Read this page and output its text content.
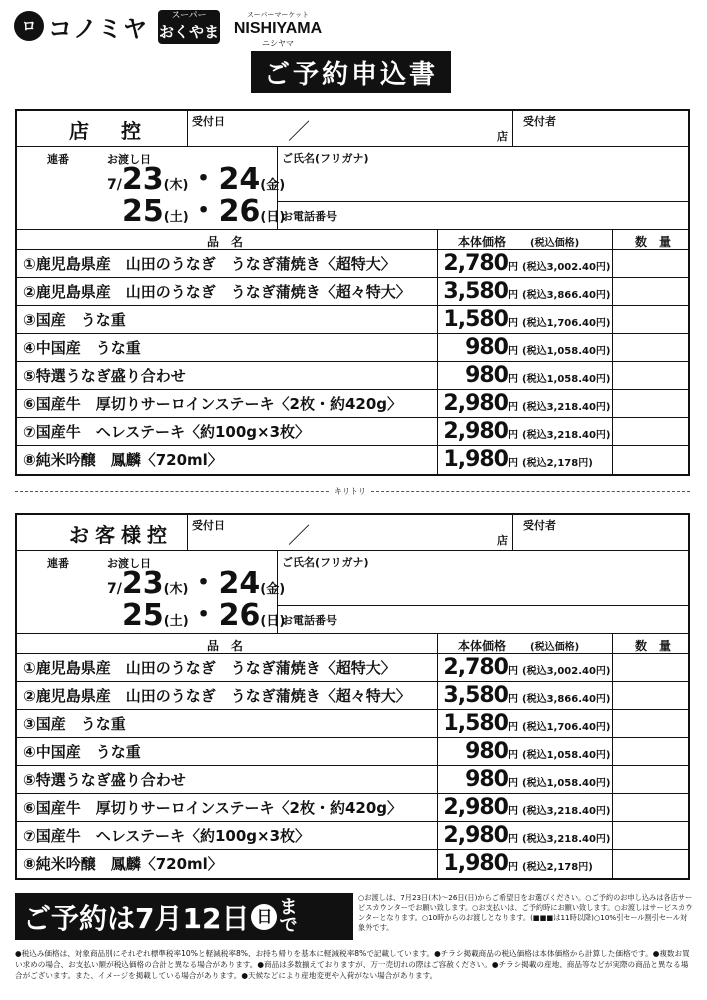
ロ コノミヤ	スーパー
おくやま
スーパーマーケット
NISHIYAMA
ニシヤマ
ご予約申込書
店　控	受付日	／	店
受付者
連番	お渡し日
7/23(木)・24(金)
25(土)・26(日)
ご氏名(フリガナ)
お電話番号
品　名	本体価格 (税込価格)	数　量
①鹿児島県産　山田のうなぎ　うなぎ蒲焼き〈超特大〉 2,780円 (税込3,002.40円)
②鹿児島県産　山田のうなぎ　うなぎ蒲焼き〈超々特大〉 3,580円 (税込3,866.40円)
③国産　うな重	1,580円 (税込1,706.40円)
④中国産　うな重	980円 (税込1,058.40円)
⑤特選うなぎ盛り合わせ	980円 (税込1,058.40円)
⑥国産牛　厚切りサーロインステーキ〈2枚・約420g〉 2,980円 (税込3,218.40円)
⑦国産牛　ヘレステーキ〈約100g×3枚〉	2,980円 (税込3,218.40円)
⑧純米吟醸　鳳麟〈720ml〉	1,980円 (税込2,178円)
キリトリ
お客様控 受付日	／	店
受付者
連番	お渡し日
7/23(木)・24(金)
25(土)・26(日)
ご氏名(フリガナ)
お電話番号
品　名	本体価格 (税込価格)	数　量
①鹿児島県産　山田のうなぎ　うなぎ蒲焼き〈超特大〉 2,780円 (税込3,002.40円)
②鹿児島県産　山田のうなぎ　うなぎ蒲焼き〈超々特大〉 3,580円 (税込3,866.40円)
③国産　うな重	1,580円 (税込1,706.40円)
④中国産　うな重	980円 (税込1,058.40円)
⑤特選うなぎ盛り合わせ	980円 (税込1,058.40円)
⑥国産牛　厚切りサーロインステーキ〈2枚・約420g〉 2,980円 (税込3,218.40円)
⑦国産牛　ヘレステーキ〈約100g×3枚〉	2,980円 (税込3,218.40円)
⑧純米吟醸　鳳麟〈720ml〉	1,980円 (税込2,178円)
ご予約は7月12日 日 まで
○お渡しは、7月23日(木)～26日(日)からご希望日をお選びください。○ご予約のお申し込みは各店サービスカウンターでお願い致します。○お支払いは、ご予約時にお願い致します。○お渡しはサービスカウンターとなります。○10時からのお渡しとなります。(■■■は11時以降)○10%引セール割引セール対象外です。
●税込み価格は、対象商品別にそれぞれ標準税率10%と軽減税率8%、お持ち帰りを基本に軽減税率8%で記載しています。●チラシ掲載商品の税込価格は本体価格から計算した価格です。●複数お買い求めの場合、お支払い額が税込価格の合計と異なる場合があります。●商品は多数揃えておりますが、万一売切れの際はご容赦ください。●チラシ掲載の産地、商品等などが実際の商品と異なる場合がございます。また、イメージを掲載している場合があります。●天候などにより産地変更や入荷がない場合があります。
